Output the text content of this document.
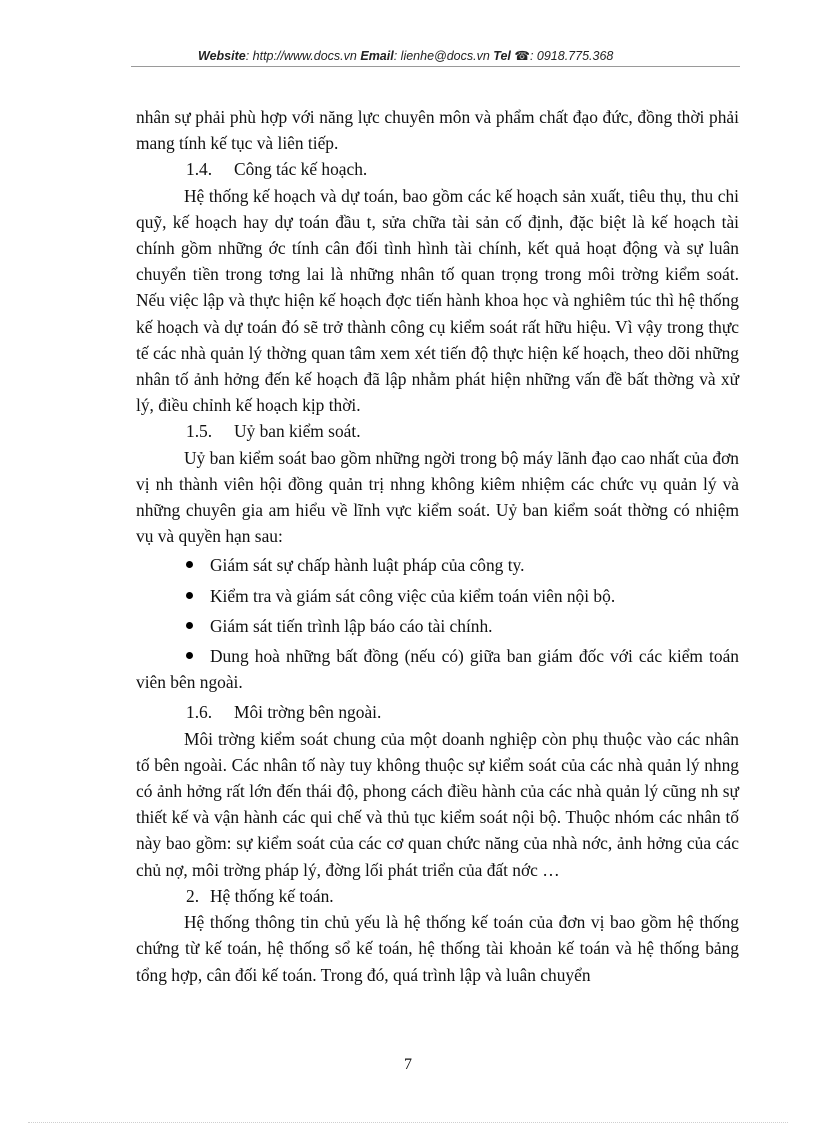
Website: http://www.docs.vn Email: lienhe@docs.vn Tel ☎: 0918.775.368

nhân sự phải phù hợp với năng lực chuyên môn và phẩm chất đạo đức, đồng thời phải mang tính kế tục và liên tiếp.

1.4. Công tác kế hoạch.

Hệ thống kế hoạch và dự toán, bao gồm các kế hoạch sản xuất, tiêu thụ, thu chi quỹ, kế hoạch hay dự toán đầu t, sửa chữa tài sản cố định, đặc biệt là kế hoạch tài chính gồm những ớc tính cân đối tình hình tài chính, kết quả hoạt động và sự luân chuyển tiền trong tơng lai là những nhân tố quan trọng trong môi trờng kiểm soát. Nếu việc lập và thực hiện kế hoạch đợc tiến hành khoa học và nghiêm túc thì hệ thống kế hoạch và dự toán đó sẽ trở thành công cụ kiểm soát rất hữu hiệu. Vì vậy trong thực tế các nhà quản lý thờng quan tâm xem xét tiến độ thực hiện kế hoạch, theo dõi những nhân tố ảnh hởng đến kế hoạch đã lập nhằm phát hiện những vấn đề bất thờng và xử lý, điều chỉnh kế hoạch kịp thời.

1.5. Uỷ ban kiểm soát.

Uỷ ban kiểm soát bao gồm những ngời trong bộ máy lãnh đạo cao nhất của đơn vị nh thành viên hội đồng quản trị nhng không kiêm nhiệm các chức vụ quản lý và những chuyên gia am hiểu về lĩnh vực kiểm soát. Uỷ ban kiểm soát thờng có nhiệm vụ và quyền hạn sau:

Giám sát sự chấp hành luật pháp của công ty.
Kiểm tra và giám sát công việc của kiểm toán viên nội bộ.
Giám sát tiến trình lập báo cáo tài chính.
Dung hoà những bất đồng (nếu có) giữa ban giám đốc với các kiểm toán viên bên ngoài.

1.6. Môi trờng bên ngoài.

Môi trờng kiểm soát chung của một doanh nghiệp còn phụ thuộc vào các nhân tố bên ngoài. Các nhân tố này tuy không thuộc sự kiểm soát của các nhà quản lý nhng có ảnh hởng rất lớn đến thái độ, phong cách điều hành của các nhà quản lý cũng nh sự thiết kế và vận hành các qui chế và thủ tục kiểm soát nội bộ. Thuộc nhóm các nhân tố này bao gồm: sự kiểm soát của các cơ quan chức năng của nhà nớc, ảnh hởng của các chủ nợ, môi trờng pháp lý, đờng lối phát triển của đất nớc …

2. Hệ thống kế toán.

Hệ thống thông tin chủ yếu là hệ thống kế toán của đơn vị bao gồm hệ thống chứng từ kế toán, hệ thống sổ kế toán, hệ thống tài khoản kế toán và hệ thống bảng tổng hợp, cân đối kế toán. Trong đó, quá trình lập và luân chuyển

7
